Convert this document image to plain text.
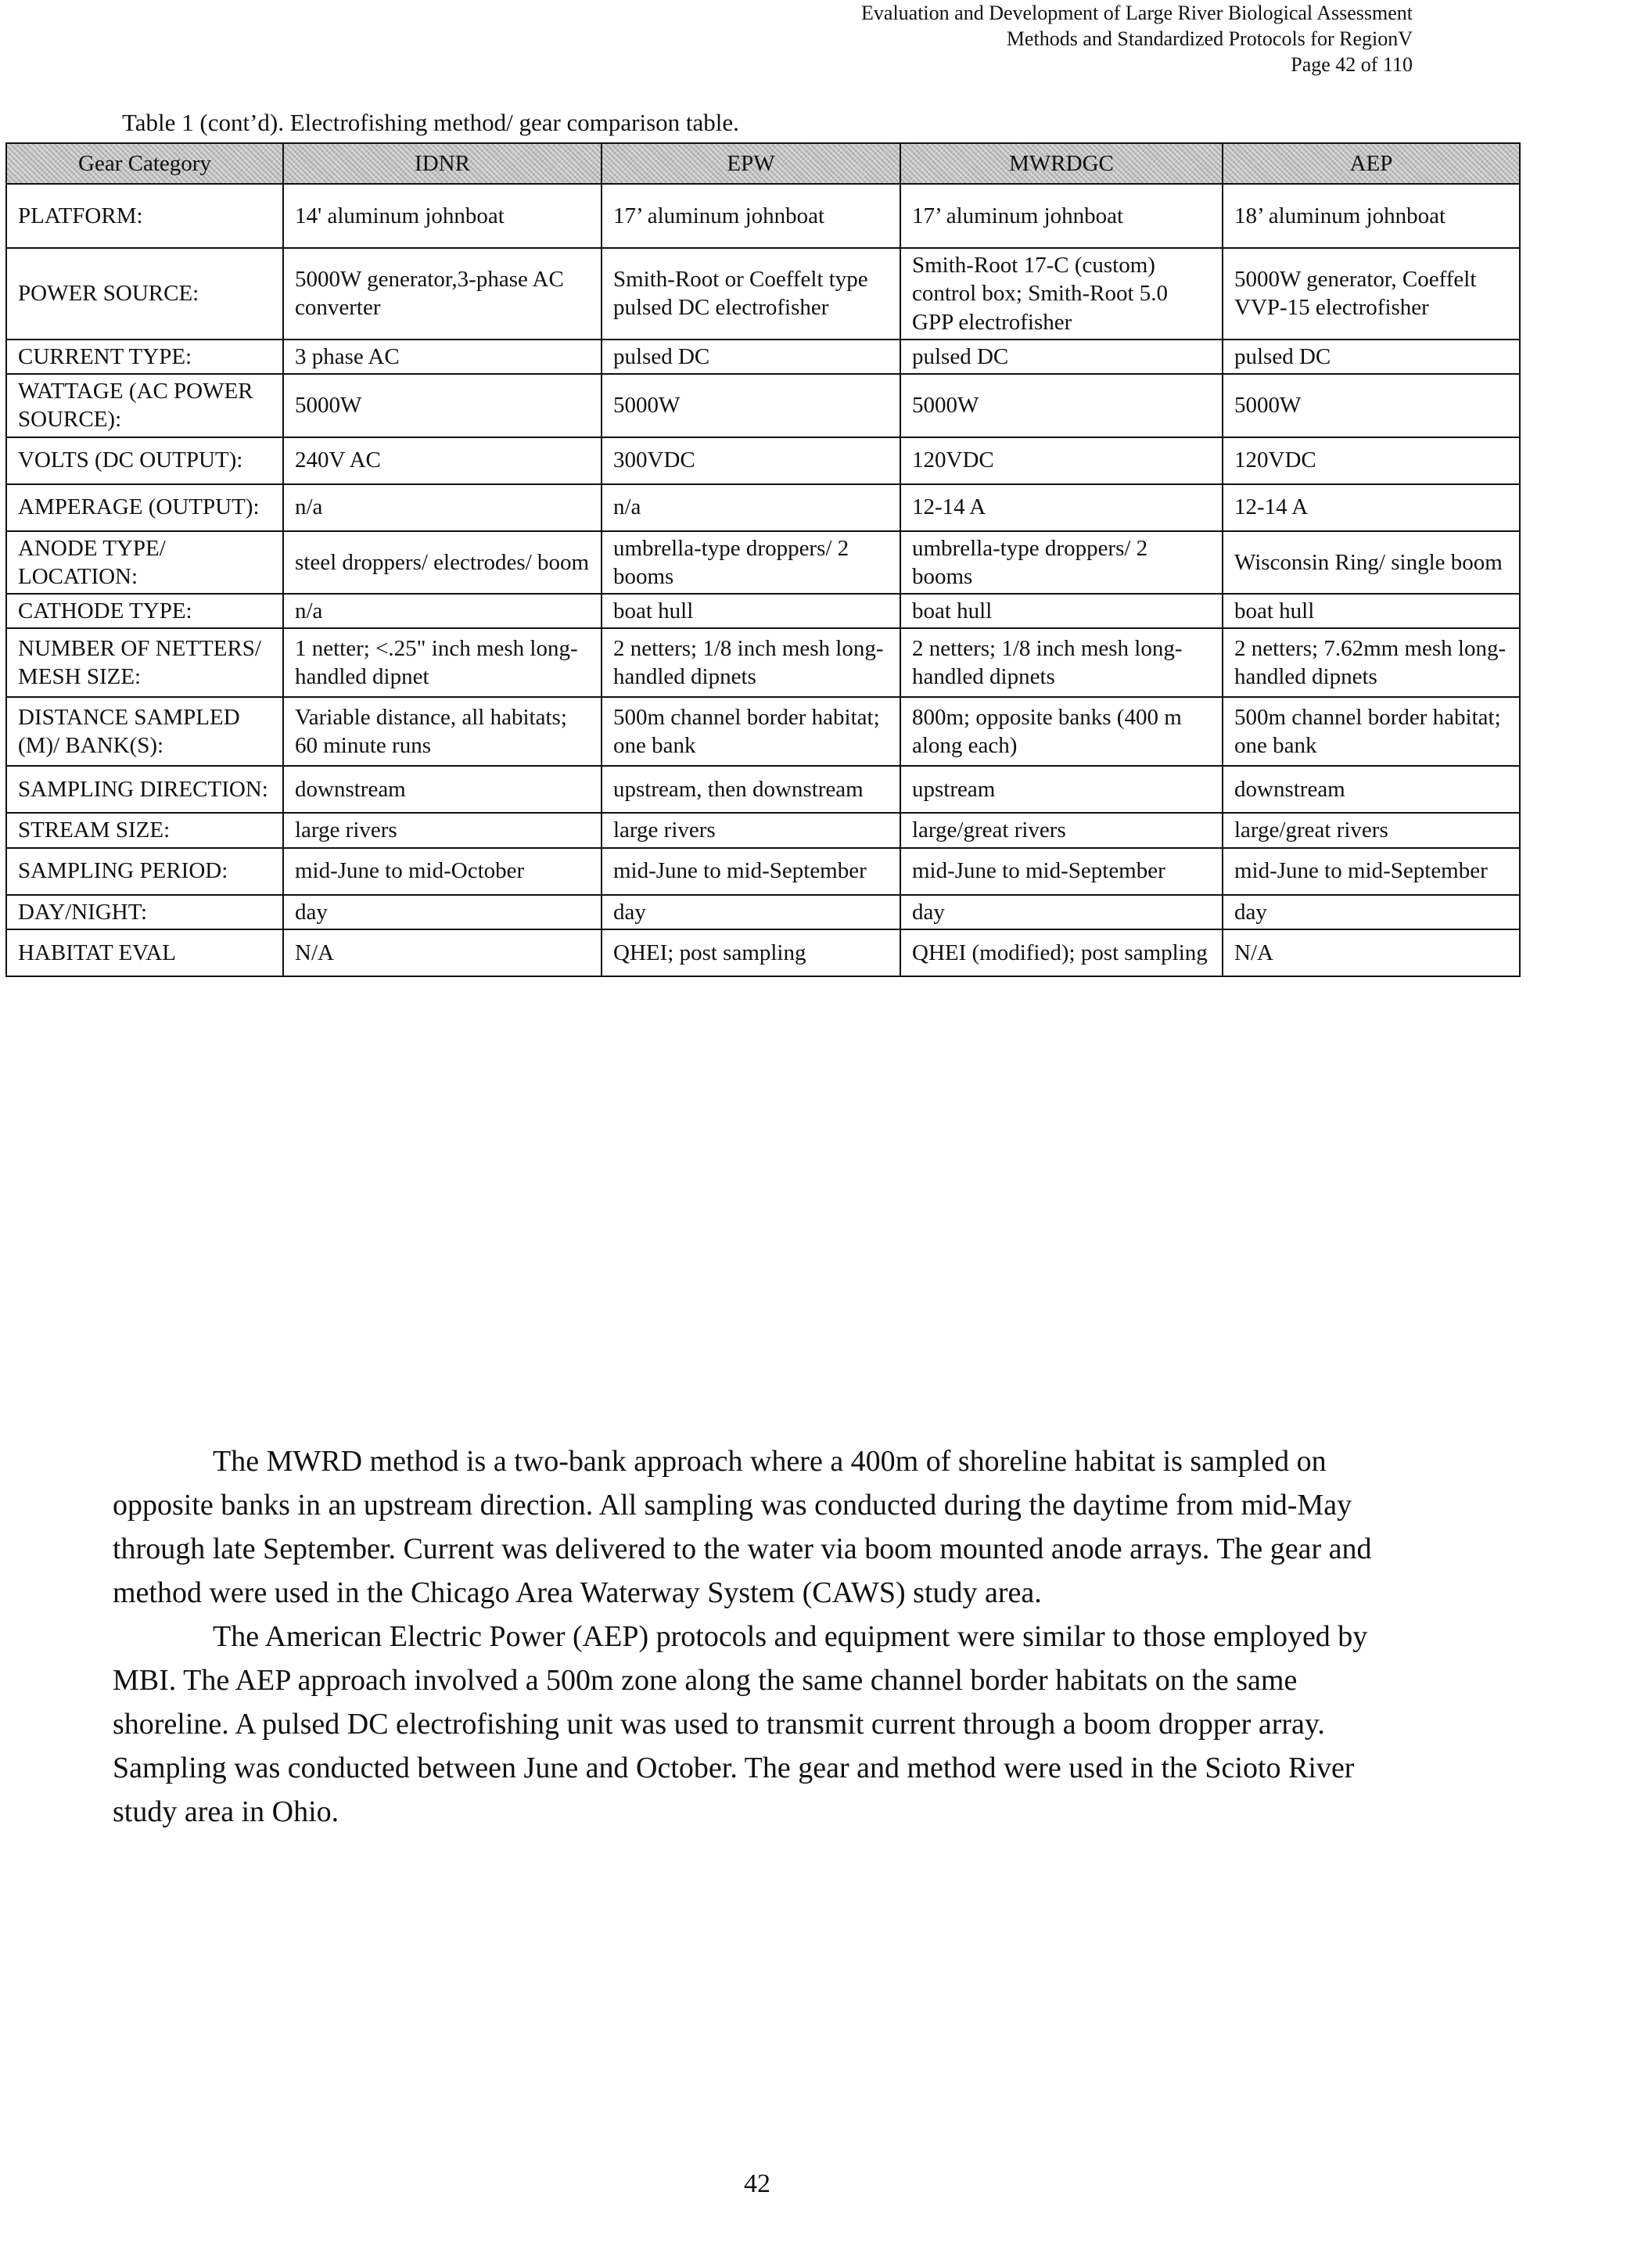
Evaluation and Development of Large River Biological Assessment
Methods and Standardized Protocols for RegionV
Page 42 of 110
Table 1 (cont’d). Electrofishing method/ gear comparison table.
Gear Category	IDNR	EPW	MWRDGC	AEP
PLATFORM:	14' aluminum johnboat	17’ aluminum johnboat	17’ aluminum johnboat	18’ aluminum johnboat
POWER SOURCE:	5000W generator,3-phase AC converter	Smith-Root or Coeffelt type pulsed DC electrofisher	Smith-Root 17-C (custom) control box; Smith-Root 5.0 GPP electrofisher	5000W generator, Coeffelt VVP-15 electrofisher
CURRENT TYPE:	3 phase AC	pulsed DC	pulsed DC	pulsed DC
WATTAGE (AC POWER SOURCE):	5000W	5000W	5000W	5000W
VOLTS (DC OUTPUT):	240V AC	300VDC	120VDC	120VDC
AMPERAGE (OUTPUT):	n/a	n/a	12-14 A	12-14 A
ANODE TYPE/ LOCATION:	steel droppers/ electrodes/ boom	umbrella-type droppers/ 2 booms	umbrella-type droppers/ 2 booms	Wisconsin Ring/ single boom
CATHODE TYPE:	n/a	boat hull	boat hull	boat hull
NUMBER OF NETTERS/ MESH SIZE:	1 netter; <.25" inch mesh long-handled dipnet	2 netters; 1/8 inch mesh long-handled dipnets	2 netters; 1/8 inch mesh long-handled dipnets	2 netters; 7.62mm mesh long-handled dipnets
DISTANCE SAMPLED (M)/ BANK(S):	Variable distance, all habitats; 60 minute runs	500m channel border habitat; one bank	800m; opposite banks (400 m along each)	500m channel border habitat; one bank
SAMPLING DIRECTION:	downstream	upstream, then downstream	upstream	downstream
STREAM SIZE:	large rivers	large rivers	large/great rivers	large/great rivers
SAMPLING PERIOD:	mid-June to mid-October	mid-June to mid-September	mid-June to mid-September	mid-June to mid-September
DAY/NIGHT:	day	day	day	day
HABITAT EVAL	N/A	QHEI; post sampling	QHEI (modified); post sampling	N/A

The MWRD method is a two-bank approach where a 400m of shoreline habitat is sampled on opposite banks in an upstream direction. All sampling was conducted during the daytime from mid-May through late September. Current was delivered to the water via boom mounted anode arrays. The gear and method were used in the Chicago Area Waterway System (CAWS) study area.

The American Electric Power (AEP) protocols and equipment were similar to those employed by MBI. The AEP approach involved a 500m zone along the same channel border habitats on the same shoreline. A pulsed DC electrofishing unit was used to transmit current through a boom dropper array. Sampling was conducted between June and October. The gear and method were used in the Scioto River study area in Ohio.

42
